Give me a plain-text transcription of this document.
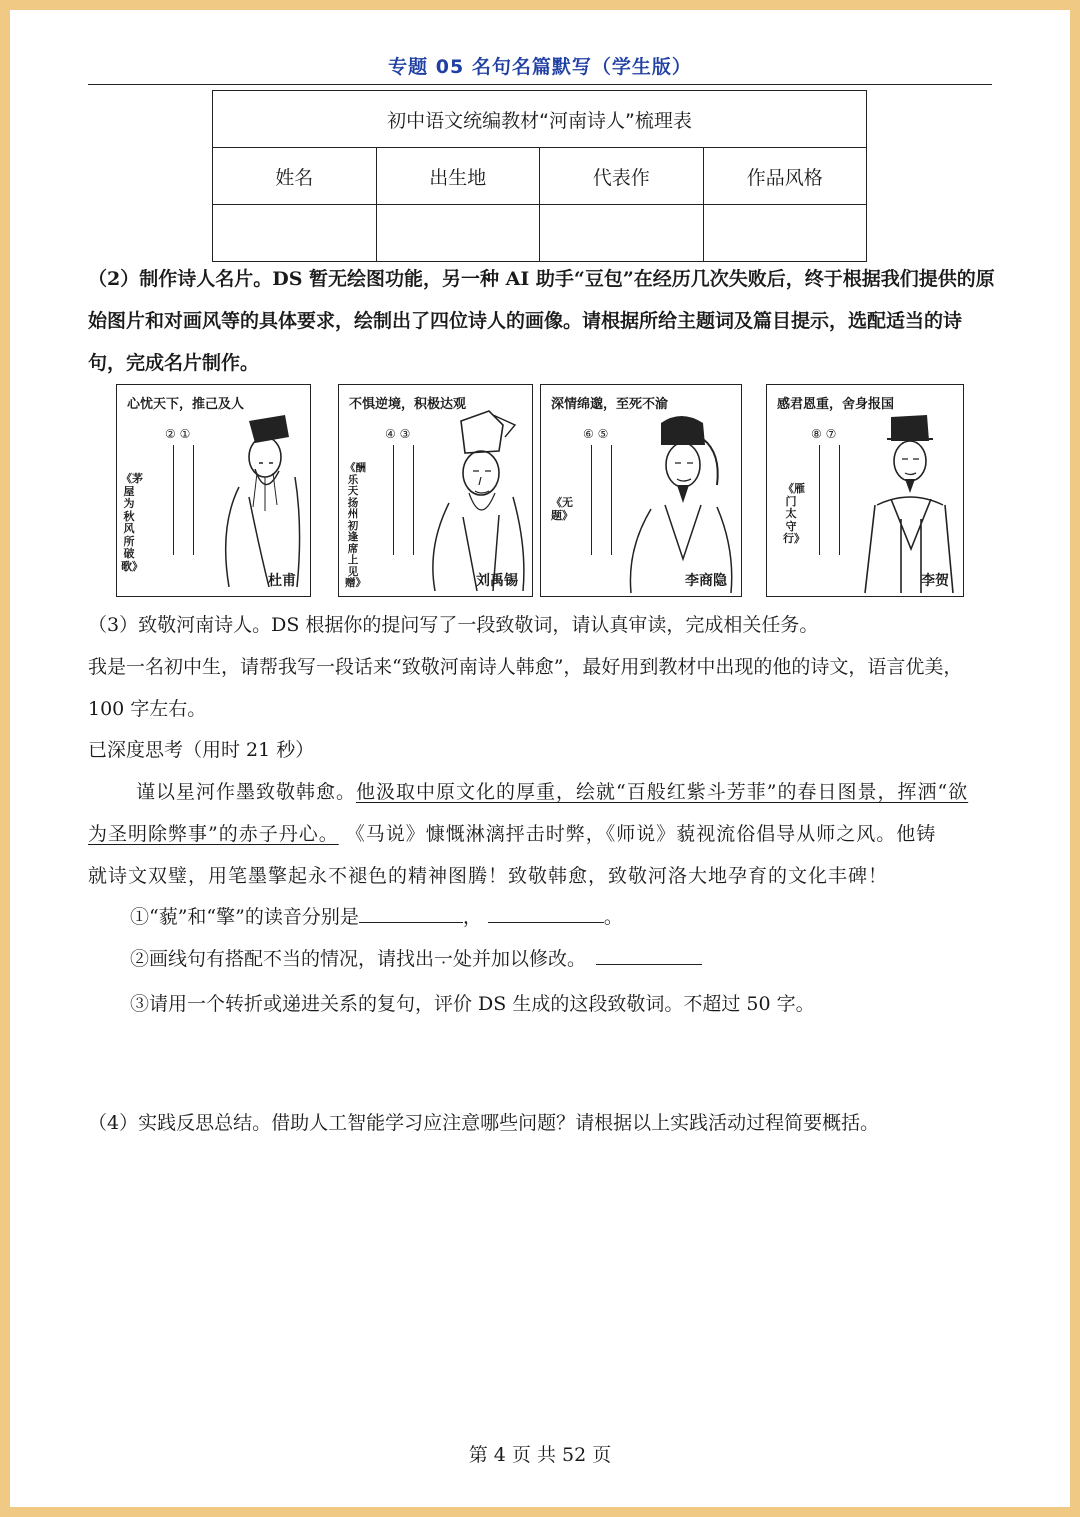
专题 05 名句名篇默写（学生版）
初中语文统编教材“河南诗人”梳理表			
姓名	出生地	代表作	作品风格

（2）制作诗人名片。DS 暂无绘图功能，另一种 AI 助手“豆包”在经历几次失败后，终于根据我们提供的原始图片和对画风等的具体要求，绘制出了四位诗人的画像。请根据所给主题词及篇目提示，选配适当的诗句，完成名片制作。
心忧天下，推己及人
② ①
《茅屋为秋风所破歌》
杜甫
不惧逆境，积极达观
④ ③
《酬乐天扬州初逢席上见赠》	刘禹锡
深情绵邈，至死不渝
⑥ ⑤
《无题》
李商隐
感君恩重，舍身报国
⑧ ⑦
《雁门太守行》
李贺
（3）致敬河南诗人。DS 根据你的提问写了一段致敬词，请认真审读，完成相关任务。
我是一名初中生，请帮我写一段话来“致敬河南诗人韩愈”，最好用到教材中出现的他的诗文，语言优美，100 字左右。
已深度思考（用时 21 秒）
谨以星河作墨致敬韩愈。他汲取中原文化的厚重，绘就“百般红紫斗芳菲”的春日图景，挥洒“欲
为圣明除弊事”的赤子丹心。 《马说》慷慨淋漓抨击时弊，《师说》藐视流俗倡导从师之风。他铸
就诗文双璧，用笔墨擎起永不褪色的精神图腾！致敬韩愈，致敬河洛大地孕育的文化丰碑！
①“藐”和“擎”的读音分别是	，	。
②画线句有搭配不当的情况，请找出一 ·处 ·并加以修改。
③请用一个转折或递进关系的复句，评价 DS 生成的这段致敬词。不超过 50 字。
（4）实践反思总结。借助人工智能学习应注意哪些问题？请根据以上实践活动过程简要概括。
第 4 页 共 52 页
